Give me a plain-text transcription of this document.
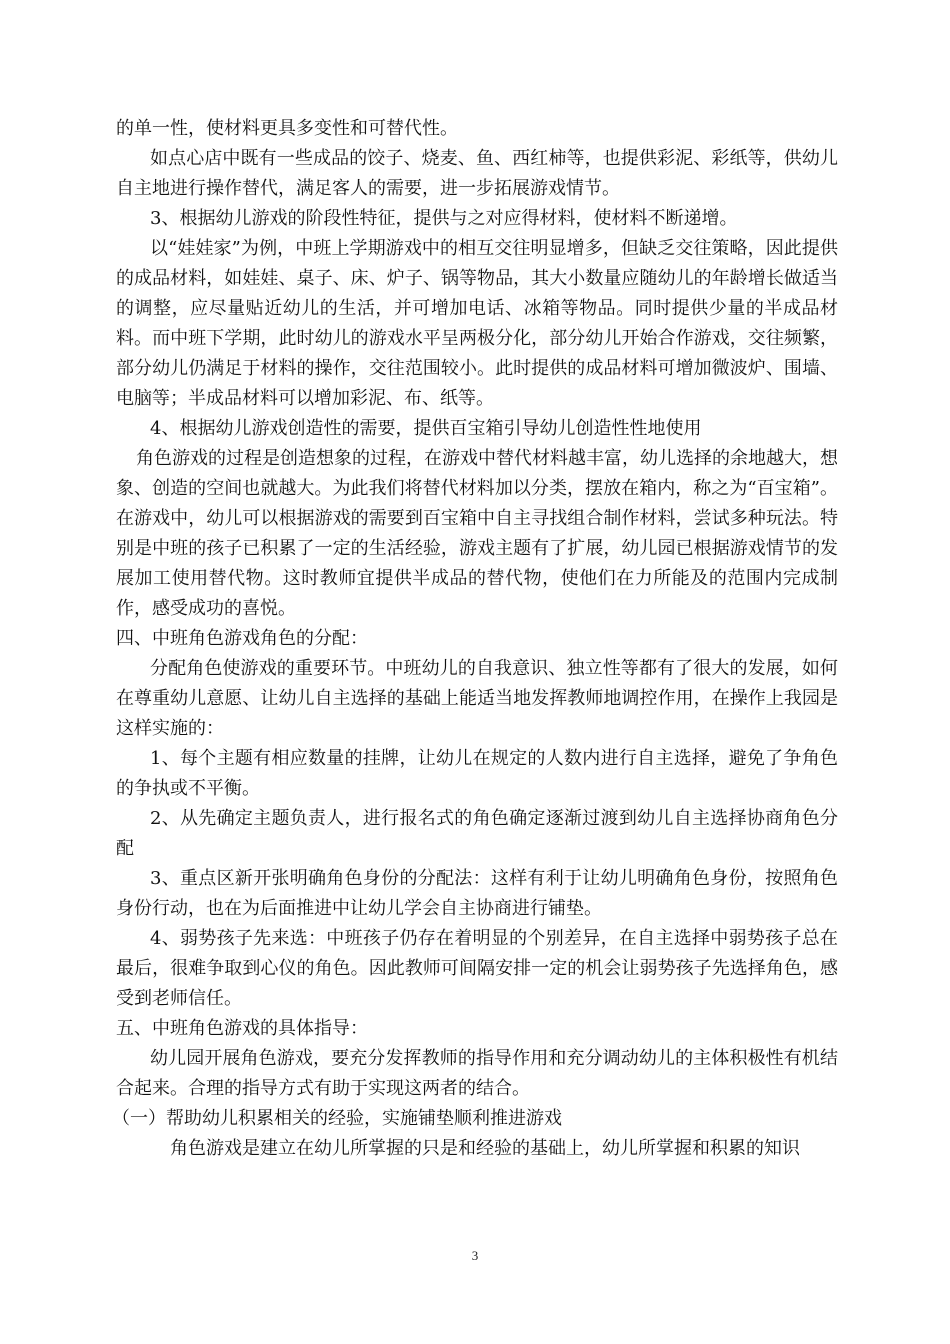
的单一性，使材料更具多变性和可替代性。

如点心店中既有一些成品的饺子、烧麦、鱼、西红柿等，也提供彩泥、彩纸等，供幼儿自主地进行操作替代，满足客人的需要，进一步拓展游戏情节。

3、根据幼儿游戏的阶段性特征，提供与之对应得材料，使材料不断递增。

以“娃娃家”为例，中班上学期游戏中的相互交往明显增多，但缺乏交往策略，因此提供的成品材料，如娃娃、桌子、床、炉子、锅等物品，其大小数量应随幼儿的年龄增长做适当的调整，应尽量贴近幼儿的生活，并可增加电话、冰箱等物品。同时提供少量的半成品材料。而中班下学期，此时幼儿的游戏水平呈两极分化，部分幼儿开始合作游戏，交往频繁，部分幼儿仍满足于材料的操作，交往范围较小。此时提供的成品材料可增加微波炉、围墙、电脑等；半成品材料可以增加彩泥、布、纸等。

4、根据幼儿游戏创造性的需要，提供百宝箱引导幼儿创造性性地使用

角色游戏的过程是创造想象的过程，在游戏中替代材料越丰富，幼儿选择的余地越大，想象、创造的空间也就越大。为此我们将替代材料加以分类，摆放在箱内，称之为“百宝箱”。在游戏中，幼儿可以根据游戏的需要到百宝箱中自主寻找组合制作材料，尝试多种玩法。特别是中班的孩子已积累了一定的生活经验，游戏主题有了扩展，幼儿园已根据游戏情节的发展加工使用替代物。这时教师宜提供半成品的替代物，使他们在力所能及的范围内完成制作，感受成功的喜悦。

四、中班角色游戏角色的分配：

分配角色使游戏的重要环节。中班幼儿的自我意识、独立性等都有了很大的发展，如何在尊重幼儿意愿、让幼儿自主选择的基础上能适当地发挥教师地调控作用，在操作上我园是这样实施的：

1、每个主题有相应数量的挂牌，让幼儿在规定的人数内进行自主选择，避免了争角色的争执或不平衡。

2、从先确定主题负责人，进行报名式的角色确定逐渐过渡到幼儿自主选择协商角色分配

3、重点区新开张明确角色身份的分配法：这样有利于让幼儿明确角色身份，按照角色身份行动，也在为后面推进中让幼儿学会自主协商进行铺垫。

4、弱势孩子先来选：中班孩子仍存在着明显的个别差异，在自主选择中弱势孩子总在最后，很难争取到心仪的角色。因此教师可间隔安排一定的机会让弱势孩子先选择角色，感受到老师信任。

五、中班角色游戏的具体指导：

幼儿园开展角色游戏，要充分发挥教师的指导作用和充分调动幼儿的主体积极性有机结合起来。合理的指导方式有助于实现这两者的结合。

（一）帮助幼儿积累相关的经验，实施铺垫顺利推进游戏

角色游戏是建立在幼儿所掌握的只是和经验的基础上，幼儿所掌握和积累的知识

3
